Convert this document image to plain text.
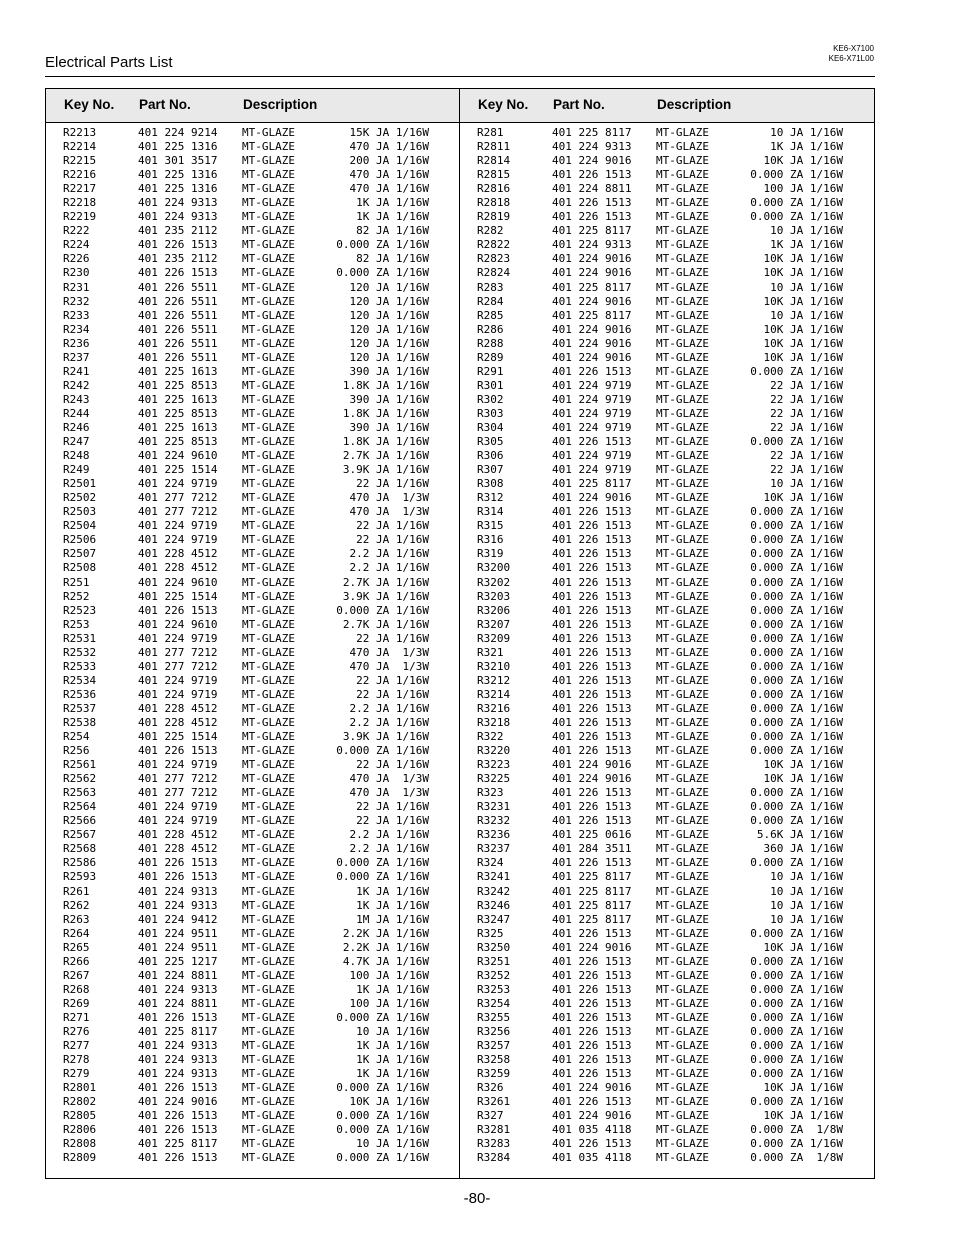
Electrical Parts List
KE6-X7100
KE6-X71L00
Key No. Part No.	Description	Key No. Part No.	Description
R2213	401 224 9214 MT-GLAZE	15K JA 1/16W
R2214	401 225 1316 MT-GLAZE	470 JA 1/16W
R2215	401 301 3517 MT-GLAZE	200 JA 1/16W
R2216	401 225 1316 MT-GLAZE	470 JA 1/16W
R2217	401 225 1316 MT-GLAZE	470 JA 1/16W
R2218	401 224 9313 MT-GLAZE	1K JA 1/16W
R2219	401 224 9313 MT-GLAZE	1K JA 1/16W
R222	401 235 2112 MT-GLAZE	82 JA 1/16W
R224	401 226 1513 MT-GLAZE	0.000 ZA 1/16W
R226	401 235 2112 MT-GLAZE	82 JA 1/16W
R230	401 226 1513 MT-GLAZE	0.000 ZA 1/16W
R231	401 226 5511 MT-GLAZE	120 JA 1/16W
R232	401 226 5511 MT-GLAZE	120 JA 1/16W
R233	401 226 5511 MT-GLAZE	120 JA 1/16W
R234	401 226 5511 MT-GLAZE	120 JA 1/16W
R236	401 226 5511 MT-GLAZE	120 JA 1/16W
R237	401 226 5511 MT-GLAZE	120 JA 1/16W
R241	401 225 1613 MT-GLAZE	390 JA 1/16W
R242	401 225 8513 MT-GLAZE	1.8K JA 1/16W
R243	401 225 1613 MT-GLAZE	390 JA 1/16W
R244	401 225 8513 MT-GLAZE	1.8K JA 1/16W
R246	401 225 1613 MT-GLAZE	390 JA 1/16W
R247	401 225 8513 MT-GLAZE	1.8K JA 1/16W
R248	401 224 9610 MT-GLAZE	2.7K JA 1/16W
R249	401 225 1514 MT-GLAZE	3.9K JA 1/16W
R2501	401 224 9719 MT-GLAZE	22 JA 1/16W
R2502	401 277 7212 MT-GLAZE	470 JA  1/3W
R2503	401 277 7212 MT-GLAZE	470 JA  1/3W
R2504	401 224 9719 MT-GLAZE	22 JA 1/16W
R2506	401 224 9719 MT-GLAZE	22 JA 1/16W
R2507	401 228 4512 MT-GLAZE	2.2 JA 1/16W
R2508	401 228 4512 MT-GLAZE	2.2 JA 1/16W
R251	401 224 9610 MT-GLAZE	2.7K JA 1/16W
R252	401 225 1514 MT-GLAZE	3.9K JA 1/16W
R2523	401 226 1513 MT-GLAZE	0.000 ZA 1/16W
R253	401 224 9610 MT-GLAZE	2.7K JA 1/16W
R2531	401 224 9719 MT-GLAZE	22 JA 1/16W
R2532	401 277 7212 MT-GLAZE	470 JA  1/3W
R2533	401 277 7212 MT-GLAZE	470 JA  1/3W
R2534	401 224 9719 MT-GLAZE	22 JA 1/16W
R2536	401 224 9719 MT-GLAZE	22 JA 1/16W
R2537	401 228 4512 MT-GLAZE	2.2 JA 1/16W
R2538	401 228 4512 MT-GLAZE	2.2 JA 1/16W
R254	401 225 1514 MT-GLAZE	3.9K JA 1/16W
R256	401 226 1513 MT-GLAZE	0.000 ZA 1/16W
R2561	401 224 9719 MT-GLAZE	22 JA 1/16W
R2562	401 277 7212 MT-GLAZE	470 JA  1/3W
R2563	401 277 7212 MT-GLAZE	470 JA  1/3W
R2564	401 224 9719 MT-GLAZE	22 JA 1/16W
R2566	401 224 9719 MT-GLAZE	22 JA 1/16W
R2567	401 228 4512 MT-GLAZE	2.2 JA 1/16W
R2568	401 228 4512 MT-GLAZE	2.2 JA 1/16W
R2586	401 226 1513 MT-GLAZE	0.000 ZA 1/16W
R2593	401 226 1513 MT-GLAZE	0.000 ZA 1/16W
R261	401 224 9313 MT-GLAZE	1K JA 1/16W
R262	401 224 9313 MT-GLAZE	1K JA 1/16W
R263	401 224 9412 MT-GLAZE	1M JA 1/16W
R264	401 224 9511 MT-GLAZE	2.2K JA 1/16W
R265	401 224 9511 MT-GLAZE	2.2K JA 1/16W
R266	401 225 1217 MT-GLAZE	4.7K JA 1/16W
R267	401 224 8811 MT-GLAZE	100 JA 1/16W
R268	401 224 9313 MT-GLAZE	1K JA 1/16W
R269	401 224 8811 MT-GLAZE	100 JA 1/16W
R271	401 226 1513 MT-GLAZE	0.000 ZA 1/16W
R276	401 225 8117 MT-GLAZE	10 JA 1/16W
R277	401 224 9313 MT-GLAZE	1K JA 1/16W
R278	401 224 9313 MT-GLAZE	1K JA 1/16W
R279	401 224 9313 MT-GLAZE	1K JA 1/16W
R2801	401 226 1513 MT-GLAZE	0.000 ZA 1/16W
R2802	401 224 9016 MT-GLAZE	10K JA 1/16W
R2805	401 226 1513 MT-GLAZE	0.000 ZA 1/16W
R2806	401 226 1513 MT-GLAZE	0.000 ZA 1/16W
R2808	401 225 8117 MT-GLAZE	10 JA 1/16W
R2809	401 226 1513 MT-GLAZE	0.000 ZA 1/16W
R281	401 225 8117 MT-GLAZE	10 JA 1/16W
R2811	401 224 9313 MT-GLAZE	1K JA 1/16W
R2814	401 224 9016 MT-GLAZE	10K JA 1/16W
R2815	401 226 1513 MT-GLAZE	0.000 ZA 1/16W
R2816	401 224 8811 MT-GLAZE	100 JA 1/16W
R2818	401 226 1513 MT-GLAZE	0.000 ZA 1/16W
R2819	401 226 1513 MT-GLAZE	0.000 ZA 1/16W
R282	401 225 8117 MT-GLAZE	10 JA 1/16W
R2822	401 224 9313 MT-GLAZE	1K JA 1/16W
R2823	401 224 9016 MT-GLAZE	10K JA 1/16W
R2824	401 224 9016 MT-GLAZE	10K JA 1/16W
R283	401 225 8117 MT-GLAZE	10 JA 1/16W
R284	401 224 9016 MT-GLAZE	10K JA 1/16W
R285	401 225 8117 MT-GLAZE	10 JA 1/16W
R286	401 224 9016 MT-GLAZE	10K JA 1/16W
R288	401 224 9016 MT-GLAZE	10K JA 1/16W
R289	401 224 9016 MT-GLAZE	10K JA 1/16W
R291	401 226 1513 MT-GLAZE	0.000 ZA 1/16W
R301	401 224 9719 MT-GLAZE	22 JA 1/16W
R302	401 224 9719 MT-GLAZE	22 JA 1/16W
R303	401 224 9719 MT-GLAZE	22 JA 1/16W
R304	401 224 9719 MT-GLAZE	22 JA 1/16W
R305	401 226 1513 MT-GLAZE	0.000 ZA 1/16W
R306	401 224 9719 MT-GLAZE	22 JA 1/16W
R307	401 224 9719 MT-GLAZE	22 JA 1/16W
R308	401 225 8117 MT-GLAZE	10 JA 1/16W
R312	401 224 9016 MT-GLAZE	10K JA 1/16W
R314	401 226 1513 MT-GLAZE	0.000 ZA 1/16W
R315	401 226 1513 MT-GLAZE	0.000 ZA 1/16W
R316	401 226 1513 MT-GLAZE	0.000 ZA 1/16W
R319	401 226 1513 MT-GLAZE	0.000 ZA 1/16W
R3200	401 226 1513 MT-GLAZE	0.000 ZA 1/16W
R3202	401 226 1513 MT-GLAZE	0.000 ZA 1/16W
R3203	401 226 1513 MT-GLAZE	0.000 ZA 1/16W
R3206	401 226 1513 MT-GLAZE	0.000 ZA 1/16W
R3207	401 226 1513 MT-GLAZE	0.000 ZA 1/16W
R3209	401 226 1513 MT-GLAZE	0.000 ZA 1/16W
R321	401 226 1513 MT-GLAZE	0.000 ZA 1/16W
R3210	401 226 1513 MT-GLAZE	0.000 ZA 1/16W
R3212	401 226 1513 MT-GLAZE	0.000 ZA 1/16W
R3214	401 226 1513 MT-GLAZE	0.000 ZA 1/16W
R3216	401 226 1513 MT-GLAZE	0.000 ZA 1/16W
R3218	401 226 1513 MT-GLAZE	0.000 ZA 1/16W
R322	401 226 1513 MT-GLAZE	0.000 ZA 1/16W
R3220	401 226 1513 MT-GLAZE	0.000 ZA 1/16W
R3223	401 224 9016 MT-GLAZE	10K JA 1/16W
R3225	401 224 9016 MT-GLAZE	10K JA 1/16W
R323	401 226 1513 MT-GLAZE	0.000 ZA 1/16W
R3231	401 226 1513 MT-GLAZE	0.000 ZA 1/16W
R3232	401 226 1513 MT-GLAZE	0.000 ZA 1/16W
R3236	401 225 0616 MT-GLAZE	5.6K JA 1/16W
R3237	401 284 3511 MT-GLAZE	360 JA 1/16W
R324	401 226 1513 MT-GLAZE	0.000 ZA 1/16W
R3241	401 225 8117 MT-GLAZE	10 JA 1/16W
R3242	401 225 8117 MT-GLAZE	10 JA 1/16W
R3246	401 225 8117 MT-GLAZE	10 JA 1/16W
R3247	401 225 8117 MT-GLAZE	10 JA 1/16W
R325	401 226 1513 MT-GLAZE	0.000 ZA 1/16W
R3250	401 224 9016 MT-GLAZE	10K JA 1/16W
R3251	401 226 1513 MT-GLAZE	0.000 ZA 1/16W
R3252	401 226 1513 MT-GLAZE	0.000 ZA 1/16W
R3253	401 226 1513 MT-GLAZE	0.000 ZA 1/16W
R3254	401 226 1513 MT-GLAZE	0.000 ZA 1/16W
R3255	401 226 1513 MT-GLAZE	0.000 ZA 1/16W
R3256	401 226 1513 MT-GLAZE	0.000 ZA 1/16W
R3257	401 226 1513 MT-GLAZE	0.000 ZA 1/16W
R3258	401 226 1513 MT-GLAZE	0.000 ZA 1/16W
R3259	401 226 1513 MT-GLAZE	0.000 ZA 1/16W
R326	401 224 9016 MT-GLAZE	10K JA 1/16W
R3261	401 226 1513 MT-GLAZE	0.000 ZA 1/16W
R327	401 224 9016 MT-GLAZE	10K JA 1/16W
R3281	401 035 4118 MT-GLAZE	0.000 ZA  1/8W
R3283	401 226 1513 MT-GLAZE	0.000 ZA 1/16W
R3284	401 035 4118 MT-GLAZE	0.000 ZA  1/8W
-80-
